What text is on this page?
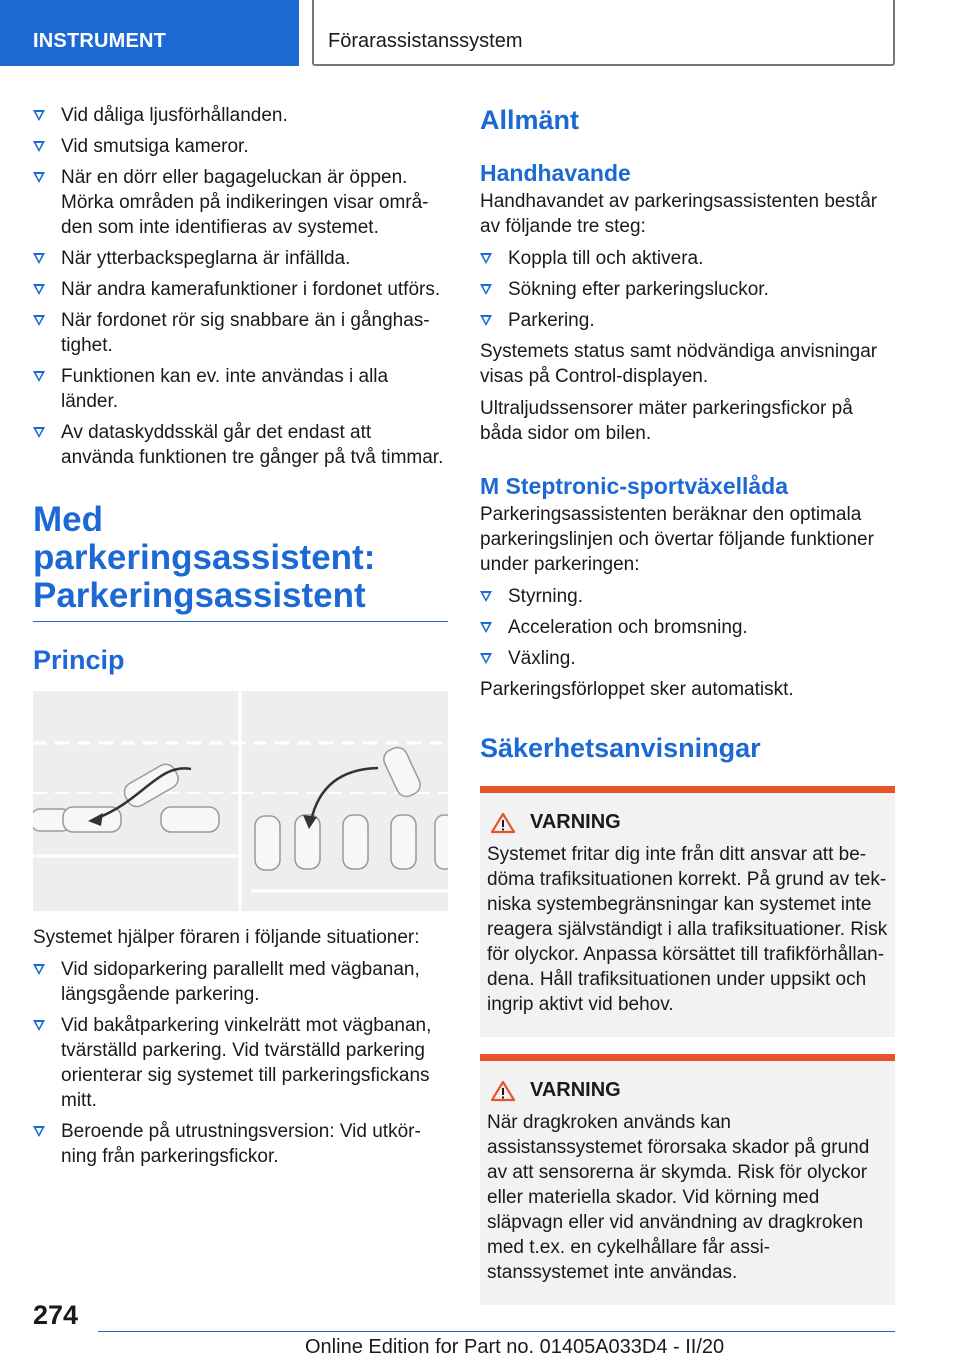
INSTRUMENT	Förarassistanssystem
Vid dåliga ljusförhållanden.
Vid smutsiga kameror.
När en dörr eller bagageluckan är öppen. Mörka områden på indikeringen visar områ-den som inte identifieras av systemet.
När ytterbackspeglarna är infällda.
När andra kamerafunktioner i fordonet utförs.
När fordonet rör sig snabbare än i gånghas-tighet.
Funktionen kan ev. inte användas i alla länder.
Av dataskyddsskäl går det endast att använda funktionen tre gånger på två timmar.
Med parkeringsassistent:
Parkeringsassistent
Princip

Systemet hjälper föraren i följande situationer:

Vid sidoparkering parallellt med vägbanan, längsgående parkering.
Vid bakåtparkering vinkelrätt mot vägbanan, tvärställd parkering. Vid tvärställd parkering orienterar sig systemet till parkeringsfickans mitt.
Beroende på utrustningsversion: Vid utkör-ning från parkeringsfickor.
Allmänt
Handhavande

Handhavandet av parkeringsassistenten består av följande tre steg:

Koppla till och aktivera.
Sökning efter parkeringsluckor.
Parkering.

Systemets status samt nödvändiga anvisningar visas på Control-displayen.

Ultraljudssensorer mäter parkeringsfickor på båda sidor om bilen.

M Steptronic-sportväxellåda

Parkeringsassistenten beräknar den optimala parkeringslinjen och övertar följande funktioner under parkeringen:

Styrning.
Acceleration och bromsning.
Växling.

Parkeringsförloppet sker automatiskt.

Säkerhetsanvisningar
VARNING

Systemet fritar dig inte från ditt ansvar att be-döma trafiksituationen korrekt. På grund av tek-niska systembegränsningar kan systemet inte reagera självständigt i alla trafiksituationer. Risk för olyckor. Anpassa körsättet till trafikförhållan-dena. Håll trafiksituationen under uppsikt och ingrip aktivt vid behov.

VARNING

När dragkroken används kan assistanssystemet förorsaka skador på grund av att sensorerna är skymda. Risk för olyckor eller materiella skador. Vid körning med släpvagn eller vid användning av dragkroken med t.ex. en cykelhållare får assi-stanssystemet inte användas.

274
Online Edition for Part no. 01405A033D4 - II/20
